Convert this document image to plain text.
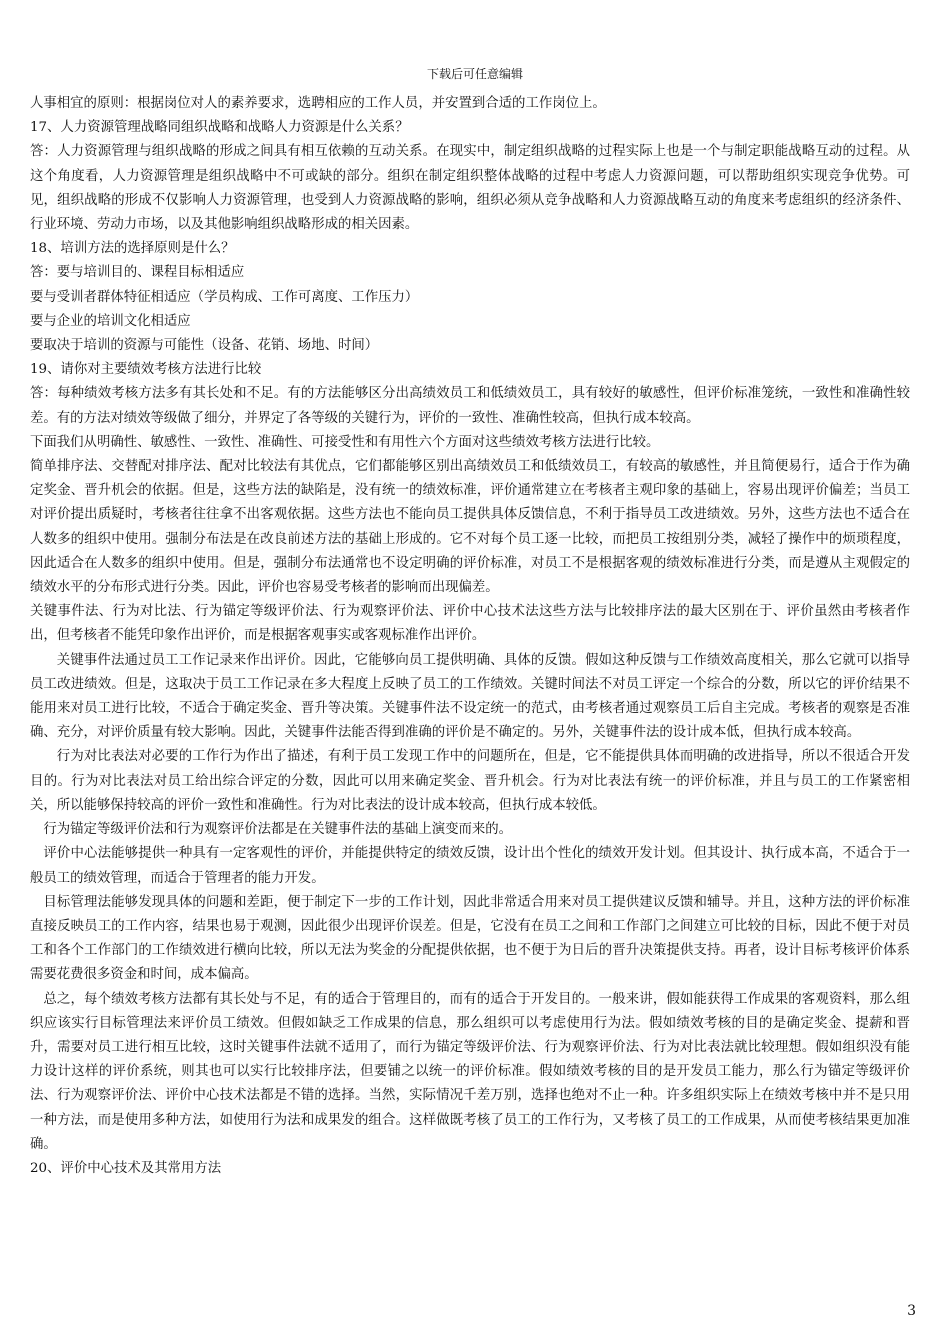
下载后可任意编辑

人事相宜的原则：根据岗位对人的素养要求，选聘相应的工作人员，并安置到合适的工作岗位上。

17、人力资源管理战略同组织战略和战略人力资源是什么关系？

答：人力资源管理与组织战略的形成之间具有相互依赖的互动关系。在现实中，制定组织战略的过程实际上也是一个与制定职能战略互动的过程。从这个角度看，人力资源管理是组织战略中不可或缺的部分。组织在制定组织整体战略的过程中考虑人力资源问题，可以帮助组织实现竞争优势。可见，组织战略的形成不仅影响人力资源管理，也受到人力资源战略的影响，组织必须从竞争战略和人力资源战略互动的角度来考虑组织的经济条件、行业环境、劳动力市场，以及其他影响组织战略形成的相关因素。

18、培训方法的选择原则是什么？

答：要与培训目的、课程目标相适应

要与受训者群体特征相适应（学员构成、工作可离度、工作压力）

要与企业的培训文化相适应

要取决于培训的资源与可能性（设备、花销、场地、时间）

19、请你对主要绩效考核方法进行比较

答：每种绩效考核方法多有其长处和不足。有的方法能够区分出高绩效员工和低绩效员工，具有较好的敏感性，但评价标准笼统，一致性和准确性较差。有的方法对绩效等级做了细分，并界定了各等级的关键行为，评价的一致性、准确性较高，但执行成本较高。

下面我们从明确性、敏感性、一致性、准确性、可接受性和有用性六个方面对这些绩效考核方法进行比较。

简单排序法、交替配对排序法、配对比较法有其优点，它们都能够区别出高绩效员工和低绩效员工，有较高的敏感性，并且简便易行，适合于作为确定奖金、晋升机会的依据。但是，这些方法的缺陷是，没有统一的绩效标准，评价通常建立在考核者主观印象的基础上，容易出现评价偏差；当员工对评价提出质疑时，考核者往往拿不出客观依据。这些方法也不能向员工提供具体反馈信息，不利于指导员工改进绩效。另外，这些方法也不适合在人数多的组织中使用。强制分布法是在改良前述方法的基础上形成的。它不对每个员工逐一比较，而把员工按组别分类，减轻了操作中的烦琐程度，因此适合在人数多的组织中使用。但是，强制分布法通常也不设定明确的评价标准，对员工不是根据客观的绩效标准进行分类，而是遵从主观假定的绩效水平的分布形式进行分类。因此，评价也容易受考核者的影响而出现偏差。

关键事件法、行为对比法、行为锚定等级评价法、行为观察评价法、评价中心技术法这些方法与比较排序法的最大区别在于、评价虽然由考核者作出，但考核者不能凭印象作出评价，而是根据客观事实或客观标准作出评价。

关键事件法通过员工工作记录来作出评价。因此，它能够向员工提供明确、具体的反馈。假如这种反馈与工作绩效高度相关，那么它就可以指导员工改进绩效。但是，这取决于员工工作记录在多大程度上反映了员工的工作绩效。关键时间法不对员工评定一个综合的分数，所以它的评价结果不能用来对员工进行比较，不适合于确定奖金、晋升等决策。关键事件法不设定统一的范式，由考核者通过观察员工后自主完成。考核者的观察是否准确、充分，对评价质量有较大影响。因此，关键事件法能否得到准确的评价是不确定的。另外，关键事件法的设计成本低，但执行成本较高。

行为对比表法对必要的工作行为作出了描述，有利于员工发现工作中的问题所在，但是，它不能提供具体而明确的改进指导，所以不很适合开发目的。行为对比表法对员工给出综合评定的分数，因此可以用来确定奖金、晋升机会。行为对比表法有统一的评价标准，并且与员工的工作紧密相关，所以能够保持较高的评价一致性和准确性。行为对比表法的设计成本较高，但执行成本较低。

行为锚定等级评价法和行为观察评价法都是在关键事件法的基础上演变而来的。

评价中心法能够提供一种具有一定客观性的评价，并能提供特定的绩效反馈，设计出个性化的绩效开发计划。但其设计、执行成本高，不适合于一般员工的绩效管理，而适合于管理者的能力开发。

目标管理法能够发现具体的问题和差距，便于制定下一步的工作计划，因此非常适合用来对员工提供建议反馈和辅导。并且，这种方法的评价标准直接反映员工的工作内容，结果也易于观测，因此很少出现评价误差。但是，它没有在员工之间和工作部门之间建立可比较的目标，因此不便于对员工和各个工作部门的工作绩效进行横向比较，所以无法为奖金的分配提供依据，也不便于为日后的晋升决策提供支持。再者，设计目标考核评价体系需要花费很多资金和时间，成本偏高。

总之，每个绩效考核方法都有其长处与不足，有的适合于管理目的，而有的适合于开发目的。一般来讲，假如能获得工作成果的客观资料，那么组织应该实行目标管理法来评价员工绩效。但假如缺乏工作成果的信息，那么组织可以考虑使用行为法。假如绩效考核的目的是确定奖金、提薪和晋升，需要对员工进行相互比较，这时关键事件法就不适用了，而行为锚定等级评价法、行为观察评价法、行为对比表法就比较理想。假如组织没有能力设计这样的评价系统，则其也可以实行比较排序法，但要铺之以统一的评价标准。假如绩效考核的目的是开发员工能力，那么行为锚定等级评价法、行为观察评价法、评价中心技术法都是不错的选择。当然，实际情况千差万别，选择也绝对不止一种。许多组织实际上在绩效考核中并不是只用一种方法，而是使用多种方法，如使用行为法和成果发的组合。这样做既考核了员工的工作行为，又考核了员工的工作成果，从而使考核结果更加准确。

20、评价中心技术及其常用方法

3
